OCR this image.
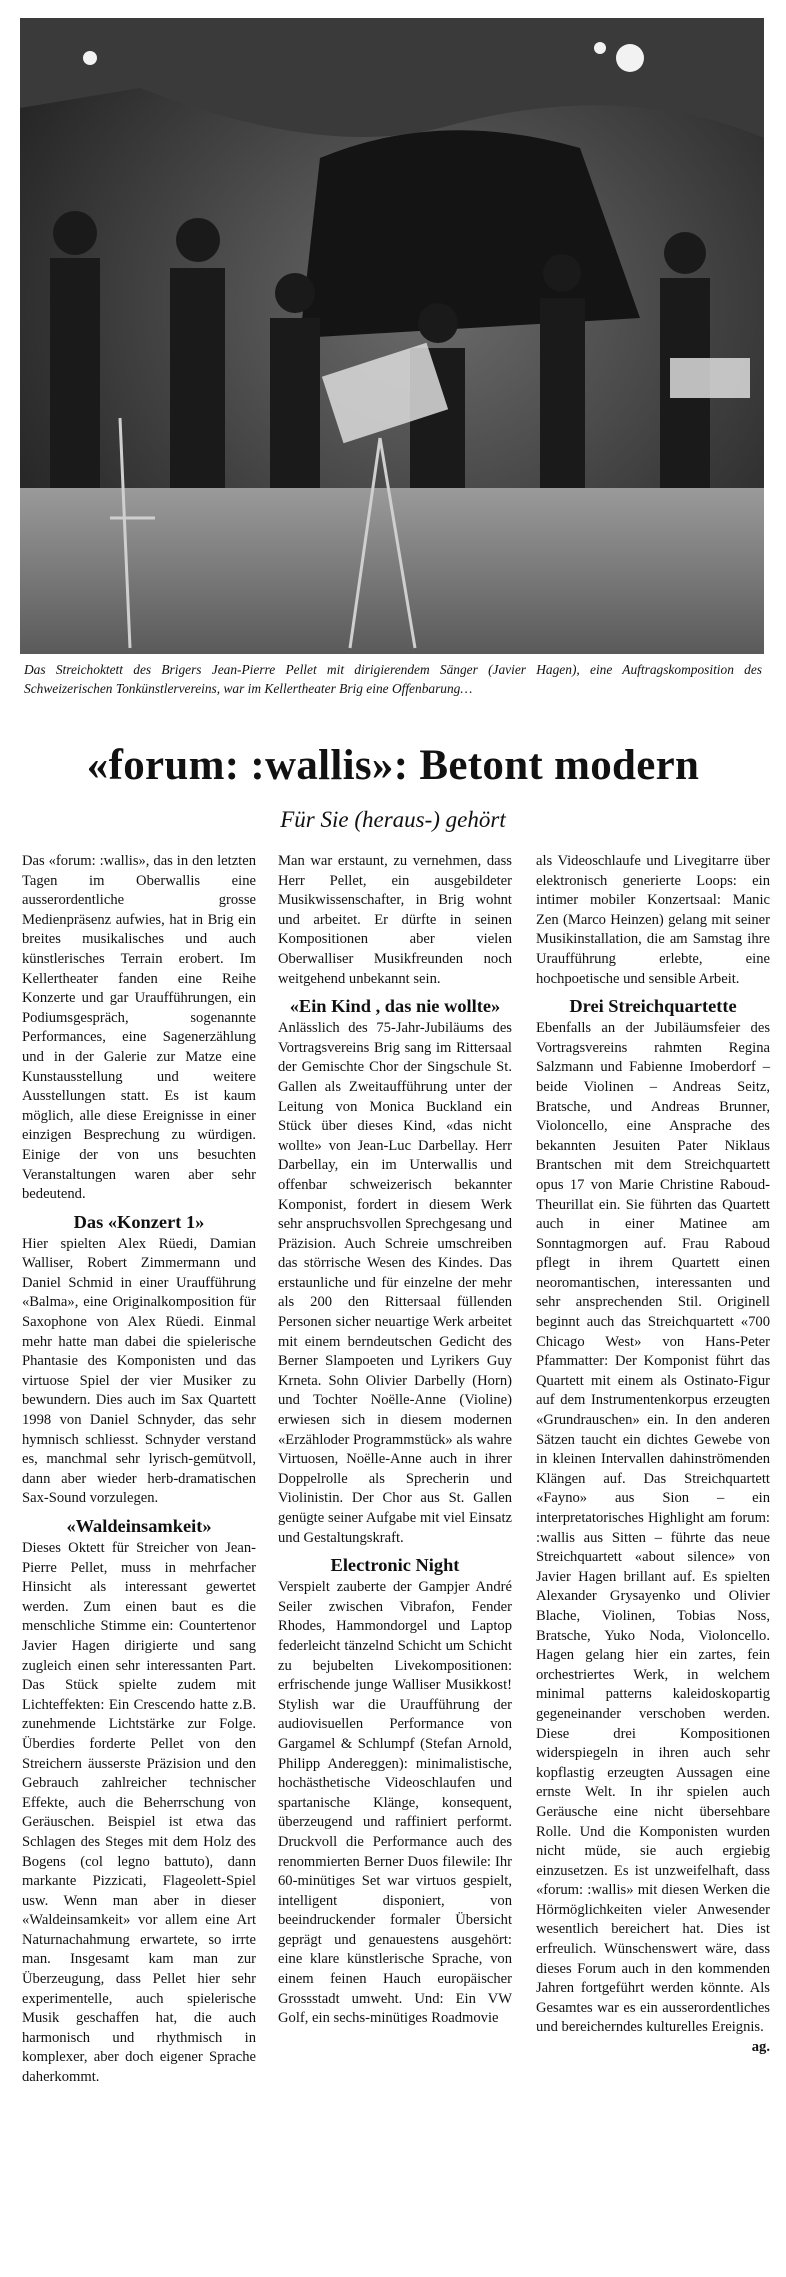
Das Streichoktett des Brigers Jean-Pierre Pellet mit dirigierendem Sänger (Javier Hagen), eine Auftragskomposition des Schweizerischen Tonkünstlervereins, war im Kellertheater Brig eine Offenbarung…
«forum: :wallis»: Betont modern
Für Sie (heraus-) gehört

Das «forum: :wallis», das in den letzten Tagen im Oberwallis eine ausserordentliche grosse Medienpräsenz aufwies, hat in Brig ein breites musikalisches und auch künstlerisches Terrain erobert. Im Kellertheater fanden eine Reihe Konzerte und gar Uraufführungen, ein Podiumsgespräch, sogenannte Performances, eine Sagenerzählung und in der Galerie zur Matze eine Kunstausstellung und weitere Ausstellungen statt. Es ist kaum möglich, alle diese Ereignisse in einer einzigen Besprechung zu würdigen. Einige der von uns besuchten Veranstaltungen waren aber sehr bedeutend.

Das «Konzert 1»

Hier spielten Alex Rüedi, Damian Walliser, Robert Zimmermann und Daniel Schmid in einer Uraufführung «Balma», eine Originalkomposition für Saxophone von Alex Rüedi. Einmal mehr hatte man dabei die spielerische Phantasie des Komponisten und das virtuose Spiel der vier Musiker zu bewundern. Dies auch im Sax Quartett 1998 von Daniel Schnyder, das sehr hymnisch schliesst. Schnyder verstand es, manchmal sehr lyrisch-gemütvoll, dann aber wieder herb-dramatischen Sax-Sound vorzulegen.

«Waldeinsamkeit»

Dieses Oktett für Streicher von Jean-Pierre Pellet, muss in mehrfacher Hinsicht als interessant gewertet werden. Zum einen baut es die menschliche Stimme ein: Countertenor Javier Hagen dirigierte und sang zugleich einen sehr interessanten Part. Das Stück spielte zudem mit Lichteffekten: Ein Crescendo hatte z.B. zunehmende Lichtstärke zur Folge. Überdies forderte Pellet von den Streichern äusserste Präzision und den Gebrauch zahlreicher technischer Effekte, auch die Beherrschung von Geräuschen. Beispiel ist etwa das Schlagen des Steges mit dem Holz des Bogens (col legno battuto), dann markante Pizzicati, Flageolett-Spiel usw. Wenn man aber in dieser «Waldeinsamkeit» vor allem eine Art Naturnachahmung erwartete, so irrte man. Insgesamt kam man zur Überzeugung, dass Pellet hier sehr experimentelle, auch spielerische Musik geschaffen hat, die auch harmonisch und rhythmisch in komplexer, aber doch eigener Sprache daherkommt.

Man war erstaunt, zu vernehmen, dass Herr Pellet, ein ausgebildeter Musikwissenschafter, in Brig wohnt und arbeitet. Er dürfte in seinen Kompositionen aber vielen Oberwalliser Musikfreunden noch weitgehend unbekannt sein.

«Ein Kind , das nie wollte»

Anlässlich des 75-Jahr-Jubiläums des Vortragsvereins Brig sang im Rittersaal der Gemischte Chor der Singschule St. Gallen als Zweitaufführung unter der Leitung von Monica Buckland ein Stück über dieses Kind, «das nicht wollte» von Jean-Luc Darbellay. Herr Darbellay, ein im Unterwallis und offenbar schweizerisch bekannter Komponist, fordert in diesem Werk sehr anspruchsvollen Sprechgesang und Präzision. Auch Schreie umschreiben das störrische Wesen des Kindes. Das erstaunliche und für einzelne der mehr als 200 den Rittersaal füllenden Personen sicher neuartige Werk arbeitet mit einem berndeutschen Gedicht des Berner Slampoeten und Lyrikers Guy Krneta. Sohn Olivier Darbelly (Horn) und Tochter Noëlle-Anne (Violine) erwiesen sich in diesem modernen «Erzähloder Programmstück» als wahre Virtuosen, Noëlle-Anne auch in ihrer Doppelrolle als Sprecherin und Violinistin. Der Chor aus St. Gallen genügte seiner Aufgabe mit viel Einsatz und Gestaltungskraft.

Electronic Night

Verspielt zauberte der Gampjer André Seiler zwischen Vibrafon, Fender Rhodes, Hammondorgel und Laptop federleicht tänzelnd Schicht um Schicht zu bejubelten Livekompositionen: erfrischende junge Walliser Musikkost! Stylish war die Uraufführung der audiovisuellen Performance von Gargamel & Schlumpf (Stefan Arnold, Philipp Andereggen): minimalistische, hochästhetische Videoschlaufen und spartanische Klänge, konsequent, überzeugend und raffiniert performt. Druckvoll die Performance auch des renommierten Berner Duos filewile: Ihr 60-minütiges Set war virtuos gespielt, intelligent disponiert, von beeindruckender formaler Übersicht geprägt und genauestens ausgehört: eine klare künstlerische Sprache, von einem feinen Hauch europäischer Grossstadt umweht. Und: Ein VW Golf, ein sechs-minütiges Roadmovie

als Videoschlaufe und Livegitarre über elektronisch generierte Loops: ein intimer mobiler Konzertsaal: Manic Zen (Marco Heinzen) gelang mit seiner Musikinstallation, die am Samstag ihre Uraufführung erlebte, eine hochpoetische und sensible Arbeit.

Drei Streichquartette

Ebenfalls an der Jubiläumsfeier des Vortragsvereins rahmten Regina Salzmann und Fabienne Imoberdorf – beide Violinen – Andreas Seitz, Bratsche, und Andreas Brunner, Violoncello, eine Ansprache des bekannten Jesuiten Pater Niklaus Brantschen mit dem Streichquartett opus 17 von Marie Christine Raboud-Theurillat ein. Sie führten das Quartett auch in einer Matinee am Sonntagmorgen auf. Frau Raboud pflegt in ihrem Quartett einen neoromantischen, interessanten und sehr ansprechenden Stil. Originell beginnt auch das Streichquartett «700 Chicago West» von Hans-Peter Pfammatter: Der Komponist führt das Quartett mit einem als Ostinato-Figur auf dem Instrumentenkorpus erzeugten «Grundrauschen» ein. In den anderen Sätzen taucht ein dichtes Gewebe von in kleinen Intervallen dahinströmenden Klängen auf. Das Streichquartett «Fayno» aus Sion – ein interpretatorisches Highlight am forum: :wallis aus Sitten – führte das neue Streichquartett «about silence» von Javier Hagen brillant auf. Es spielten Alexander Grysayenko und Olivier Blache, Violinen, Tobias Noss, Bratsche, Yuko Noda, Violoncello. Hagen gelang hier ein zartes, fein orchestriertes Werk, in welchem minimal patterns kaleidoskopartig gegeneinander verschoben werden. Diese drei Kompositionen widerspiegeln in ihren auch sehr kopflastig erzeugten Aussagen eine ernste Welt. In ihr spielen auch Geräusche eine nicht übersehbare Rolle. Und die Komponisten wurden nicht müde, sie auch ergiebig einzusetzen. Es ist unzweifelhaft, dass «forum: :wallis» mit diesen Werken die Hörmöglichkeiten vieler Anwesender wesentlich bereichert hat. Dies ist erfreulich. Wünschenswert wäre, dass dieses Forum auch in den kommenden Jahren fortgeführt werden könnte. Als Gesamtes war es ein ausserordentliches und bereicherndes kulturelles Ereignis.
ag.
